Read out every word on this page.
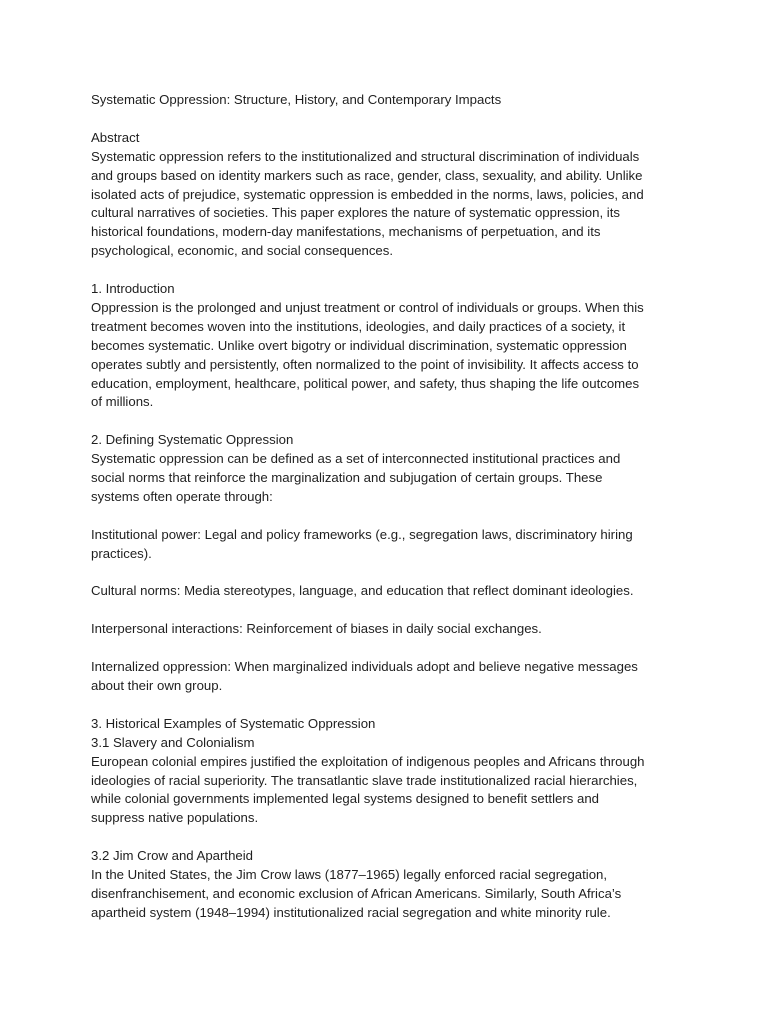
Systematic Oppression: Structure, History, and Contemporary Impacts
Abstract
Systematic oppression refers to the institutionalized and structural discrimination of individuals
and groups based on identity markers such as race, gender, class, sexuality, and ability. Unlike
isolated acts of prejudice, systematic oppression is embedded in the norms, laws, policies, and
cultural narratives of societies. This paper explores the nature of systematic oppression, its
historical foundations, modern-day manifestations, mechanisms of perpetuation, and its
psychological, economic, and social consequences.
1. Introduction
Oppression is the prolonged and unjust treatment or control of individuals or groups. When this
treatment becomes woven into the institutions, ideologies, and daily practices of a society, it
becomes systematic. Unlike overt bigotry or individual discrimination, systematic oppression
operates subtly and persistently, often normalized to the point of invisibility. It affects access to
education, employment, healthcare, political power, and safety, thus shaping the life outcomes
of millions.
2. Defining Systematic Oppression
Systematic oppression can be defined as a set of interconnected institutional practices and
social norms that reinforce the marginalization and subjugation of certain groups. These
systems often operate through:
Institutional power: Legal and policy frameworks (e.g., segregation laws, discriminatory hiring
practices).
Cultural norms: Media stereotypes, language, and education that reflect dominant ideologies.
Interpersonal interactions: Reinforcement of biases in daily social exchanges.
Internalized oppression: When marginalized individuals adopt and believe negative messages
about their own group.
3. Historical Examples of Systematic Oppression
3.1 Slavery and Colonialism
European colonial empires justified the exploitation of indigenous peoples and Africans through
ideologies of racial superiority. The transatlantic slave trade institutionalized racial hierarchies,
while colonial governments implemented legal systems designed to benefit settlers and
suppress native populations.
3.2 Jim Crow and Apartheid
In the United States, the Jim Crow laws (1877–1965) legally enforced racial segregation,
disenfranchisement, and economic exclusion of African Americans. Similarly, South Africa’s
apartheid system (1948–1994) institutionalized racial segregation and white minority rule.
